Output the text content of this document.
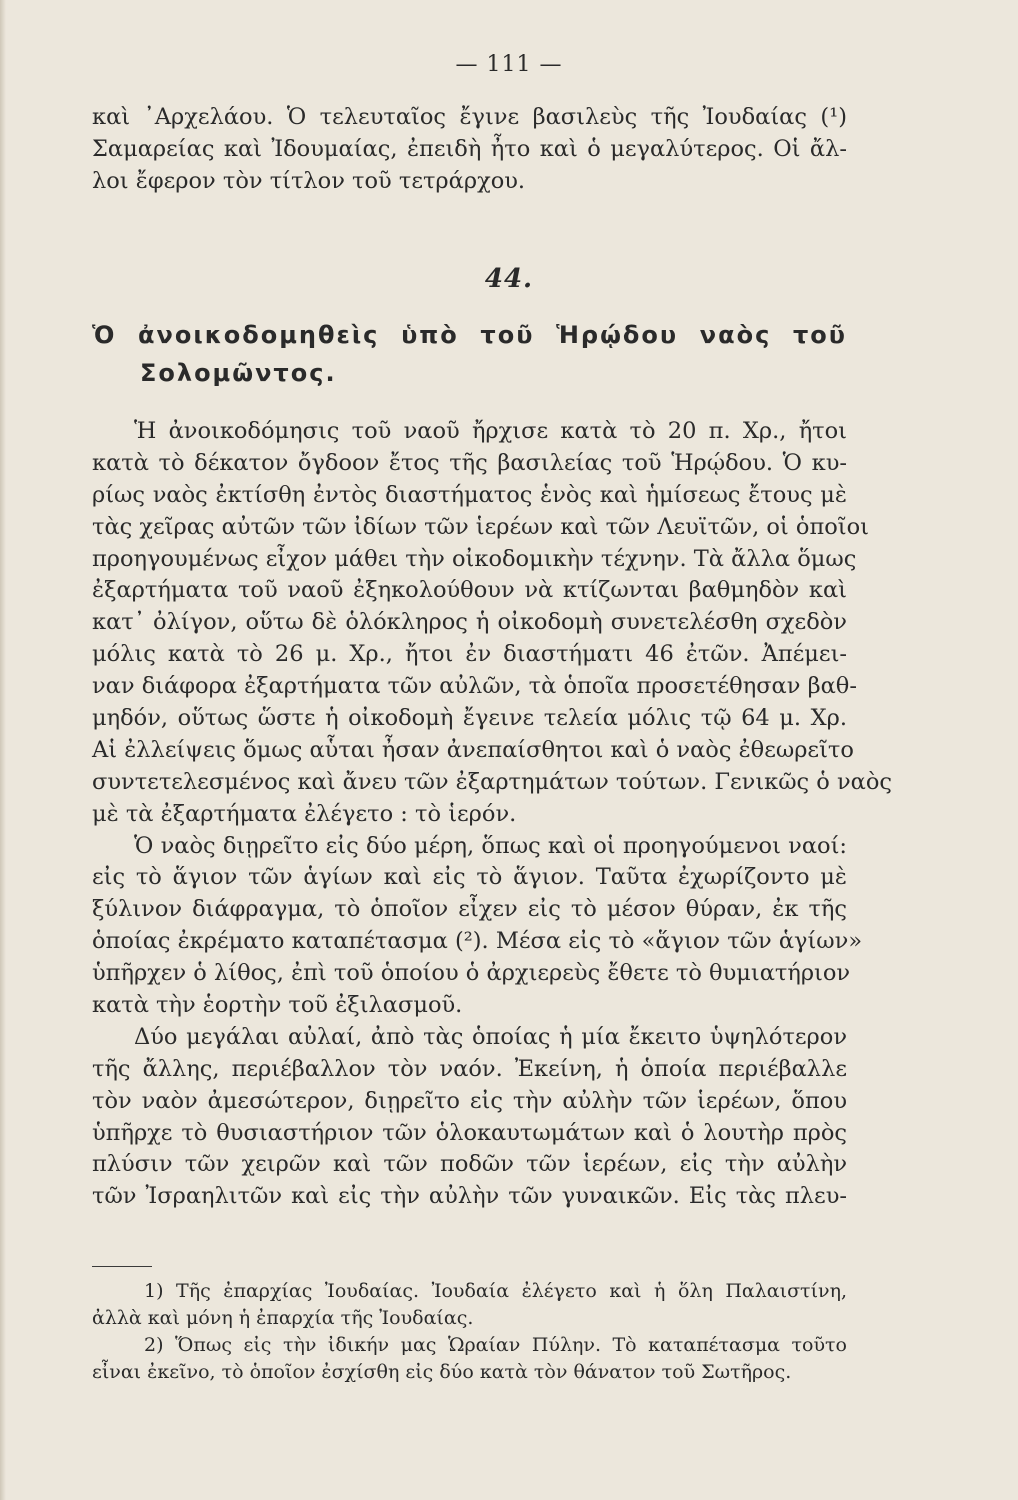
— 111 —
καὶ ᾿Αρχελάου. Ὁ τελευταῖος ἔγινε βασιλεὺς τῆς Ἰουδαίας (¹)
Σαμαρείας καὶ Ἰδουμαίας, ἐπειδὴ ἦτο καὶ ὁ μεγαλύτερος. Οἱ ἄλ-
λοι ἔφερον τὸν τίτλον τοῦ τετράρχου.
44.
Ὁ ἀνοικοδομηθεὶς ὑπὸ τοῦ Ἡρῴδου ναὸς τοῦ
Σολομῶντος.
Ἡ ἀνοικοδόμησις τοῦ ναοῦ ἤρχισε κατὰ τὸ 20 π. Χρ., ἤτοι
κατὰ τὸ δέκατον ὄγδοον ἔτος τῆς βασιλείας τοῦ Ἡρῴδου. Ὁ κυ-
ρίως ναὸς ἐκτίσθη ἐντὸς διαστήματος ἑνὸς καὶ ἡμίσεως ἔτους μὲ
τὰς χεῖρας αὐτῶν τῶν ἰδίων τῶν ἱερέων καὶ τῶν Λευϊτῶν, οἱ ὁποῖοι
προηγουμένως εἶχον μάθει τὴν οἰκοδομικὴν τέχνην. Τὰ ἄλλα ὅμως
ἐξαρτήματα τοῦ ναοῦ ἐξηκολούθουν νὰ κτίζωνται βαθμηδὸν καὶ
κατ᾿ ὀλίγον, οὕτω δὲ ὁλόκληρος ἡ οἰκοδομὴ συνετελέσθη σχεδὸν
μόλις κατὰ τὸ 26 μ. Χρ., ἤτοι ἐν διαστήματι 46 ἐτῶν. Ἀπέμει-
ναν διάφορα ἐξαρτήματα τῶν αὐλῶν, τὰ ὁποῖα προσετέθησαν βαθ-
μηδόν, οὕτως ὥστε ἡ οἰκοδομὴ ἔγεινε τελεία μόλις τῷ 64 μ. Χρ.
Αἱ ἐλλείψεις ὅμως αὗται ἦσαν ἀνεπαίσθητοι καὶ ὁ ναὸς ἐθεωρεῖτο
συντετελεσμένος καὶ ἄνευ τῶν ἐξαρτημάτων τούτων. Γενικῶς ὁ ναὸς
μὲ τὰ ἐξαρτήματα ἐλέγετο : τὸ ἱερόν.
Ὁ ναὸς διῃρεῖτο εἰς δύο μέρη, ὅπως καὶ οἱ προηγούμενοι ναοί:
εἰς τὸ ἅγιον τῶν ἁγίων καὶ εἰς τὸ ἅγιον. Ταῦτα ἐχωρίζοντο μὲ
ξύλινον διάφραγμα, τὸ ὁποῖον εἶχεν εἰς τὸ μέσον θύραν, ἐκ τῆς
ὁποίας ἐκρέματο καταπέτασμα (²). Μέσα εἰς τὸ «ἅγιον τῶν ἁγίων»
ὑπῆρχεν ὁ λίθος, ἐπὶ τοῦ ὁποίου ὁ ἀρχιερεὺς ἔθετε τὸ θυμιατήριον
κατὰ τὴν ἑορτὴν τοῦ ἐξιλασμοῦ.
Δύο μεγάλαι αὐλαί, ἀπὸ τὰς ὁποίας ἡ μία ἔκειτο ὑψηλότερον
τῆς ἄλλης, περιέβαλλον τὸν ναόν. Ἐκείνη, ἡ ὁποία περιέβαλλε
τὸν ναὸν ἀμεσώτερον, διῃρεῖτο εἰς τὴν αὐλὴν τῶν ἱερέων, ὅπου
ὑπῆρχε τὸ θυσιαστήριον τῶν ὁλοκαυτωμάτων καὶ ὁ λουτὴρ πρὸς
πλύσιν τῶν χειρῶν καὶ τῶν ποδῶν τῶν ἱερέων, εἰς τὴν αὐλὴν
τῶν Ἰσραηλιτῶν καὶ εἰς τὴν αὐλὴν τῶν γυναικῶν. Εἰς τὰς πλευ-
1) Τῆς ἐπαρχίας Ἰουδαίας. Ἰουδαία ἐλέγετο καὶ ἡ ὅλη Παλαιστίνη,
ἀλλὰ καὶ μόνη ἡ ἐπαρχία τῆς Ἰουδαίας.
2) Ὅπως εἰς τὴν ἰδικήν μας Ὡραίαν Πύλην. Τὸ καταπέτασμα τοῦτο
εἶναι ἐκεῖνο, τὸ ὁποῖον ἐσχίσθη εἰς δύο κατὰ τὸν θάνατον τοῦ Σωτῆρος.
